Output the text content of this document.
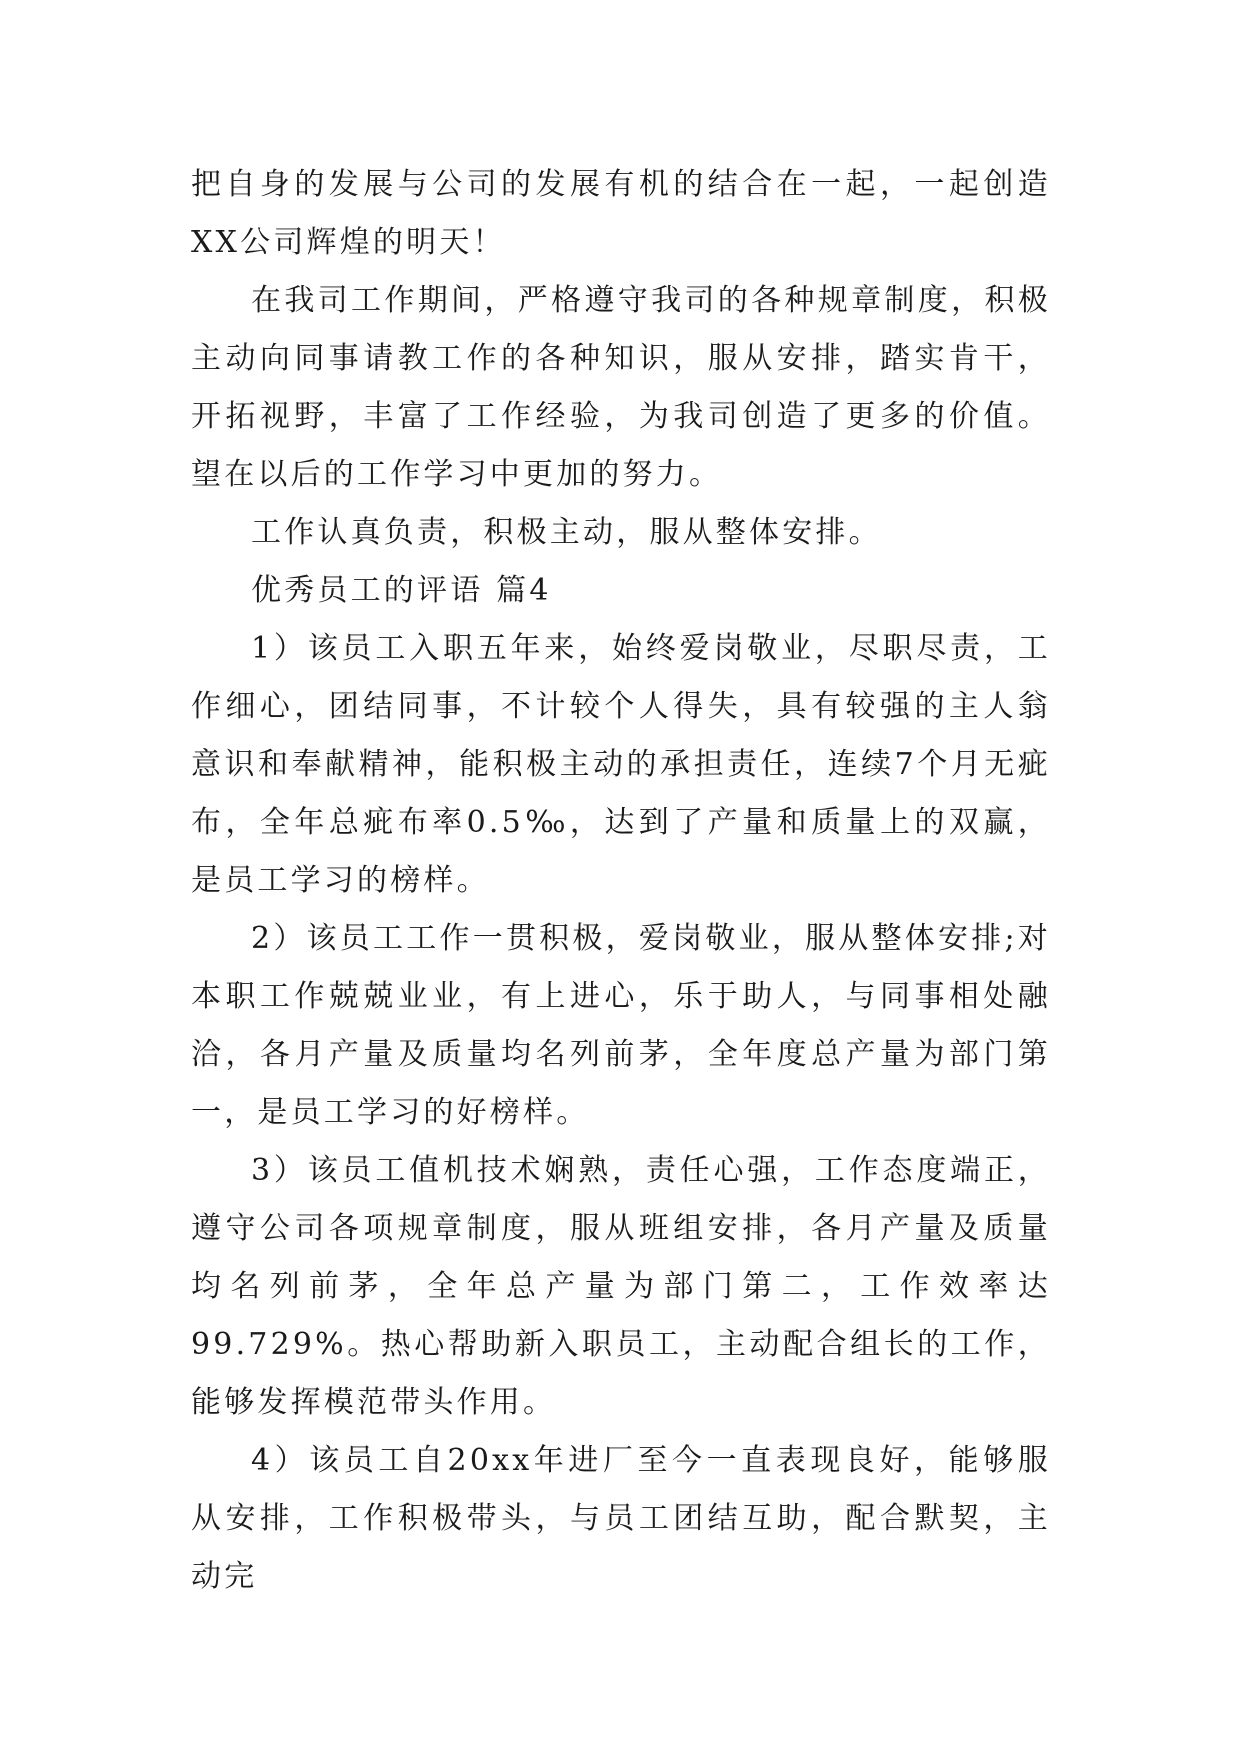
把自身的发展与公司的发展有机的结合在一起，一起创造XX公司辉煌的明天！

在我司工作期间，严格遵守我司的各种规章制度，积极主动向同事请教工作的各种知识，服从安排，踏实肯干，开拓视野，丰富了工作经验，为我司创造了更多的价值。望在以后的工作学习中更加的努力。

工作认真负责，积极主动，服从整体安排。

优秀员工的评语 篇4

1）该员工入职五年来，始终爱岗敬业，尽职尽责，工作细心，团结同事，不计较个人得失，具有较强的主人翁意识和奉献精神，能积极主动的承担责任，连续7个月无疵布，全年总疵布率0.5‰，达到了产量和质量上的双赢，是员工学习的榜样。

2）该员工工作一贯积极，爱岗敬业，服从整体安排;对本职工作兢兢业业，有上进心，乐于助人，与同事相处融洽，各月产量及质量均名列前茅，全年度总产量为部门第一，是员工学习的好榜样。

3）该员工值机技术娴熟，责任心强，工作态度端正，遵守公司各项规章制度，服从班组安排，各月产量及质量均名列前茅，全年总产量为部门第二，工作效率达99.729%。热心帮助新入职员工，主动配合组长的工作，能够发挥模范带头作用。

4）该员工自20xx年进厂至今一直表现良好，能够服从安排，工作积极带头，与员工团结互助，配合默契，主动完
